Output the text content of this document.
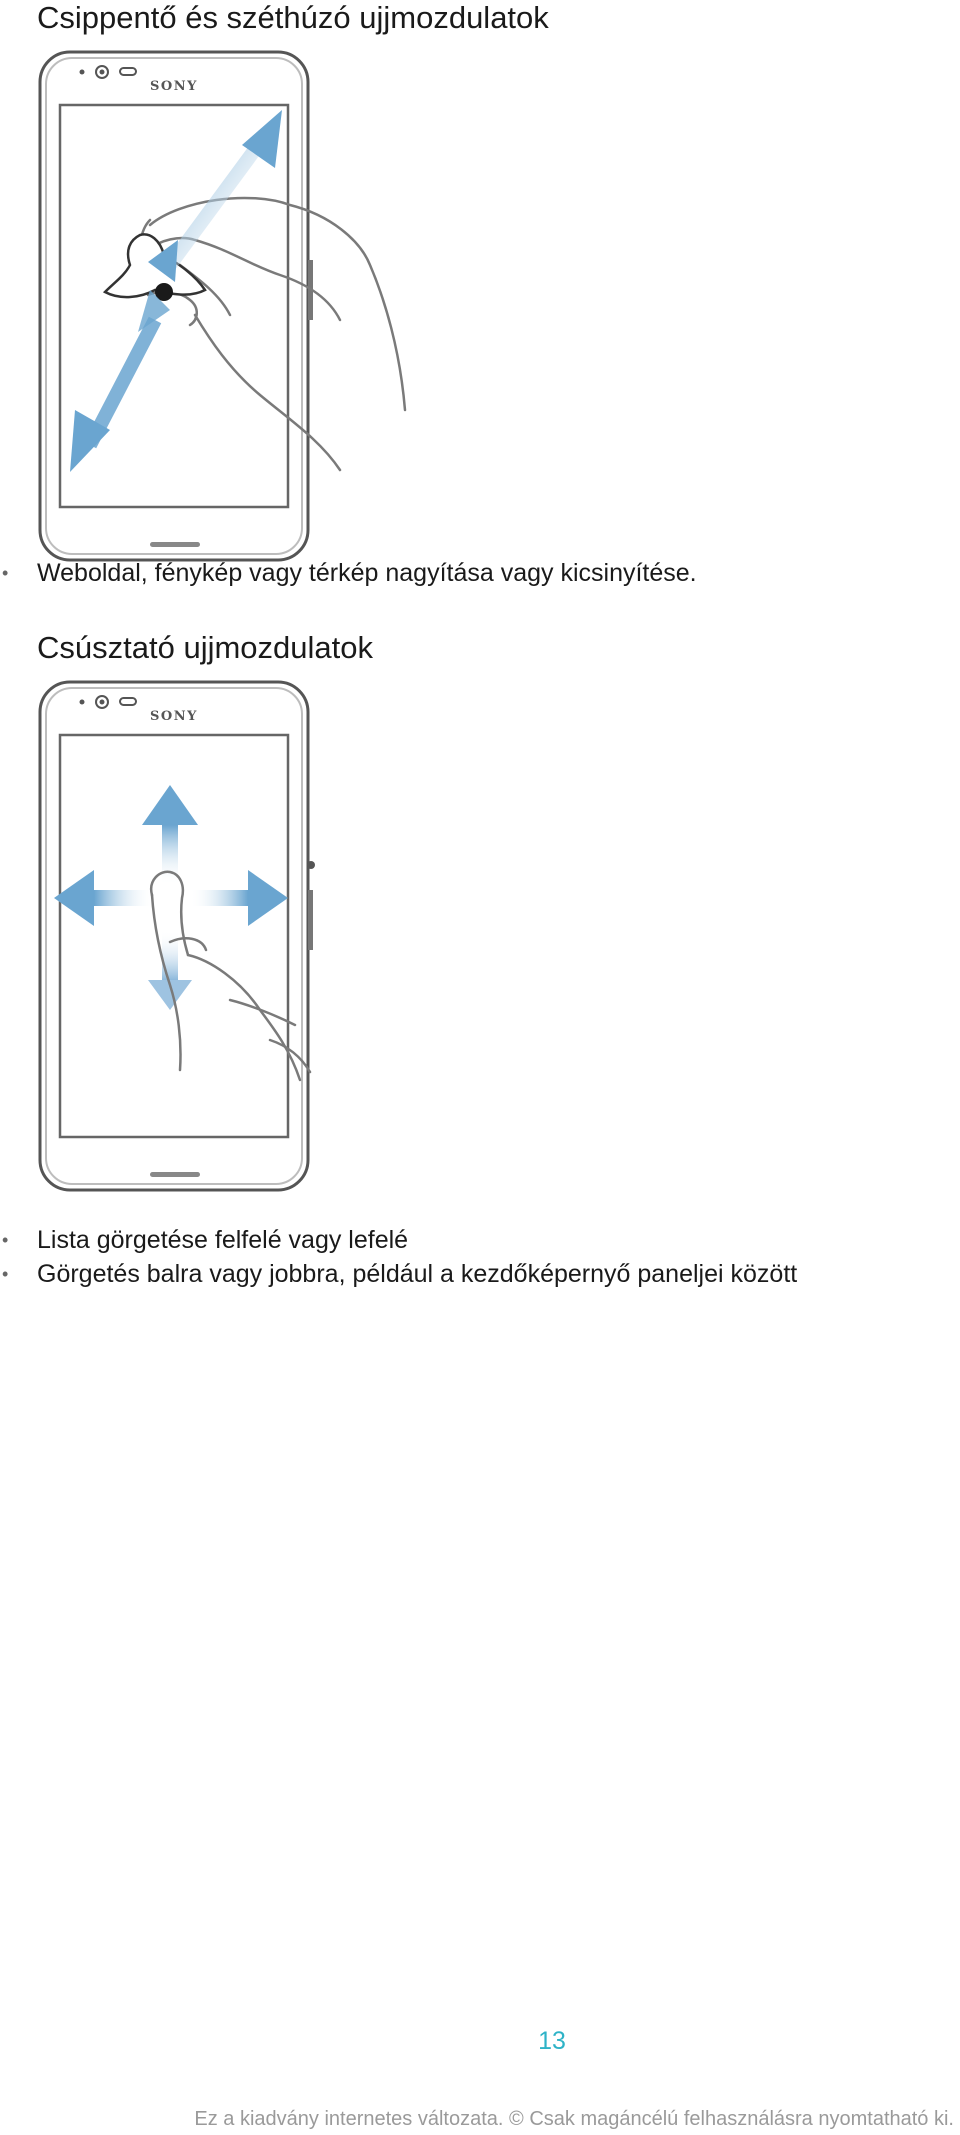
Csippentő és széthúzó ujjmozdulatok
SONY
• Weboldal, fénykép vagy térkép nagyítása vagy kicsinyítése.
Csúsztató ujjmozdulatok
SONY
• Lista görgetése felfelé vagy lefelé
• Görgetés balra vagy jobbra, például a kezdőképernyő paneljei között
13
Ez a kiadvány internetes változata. © Csak magáncélú felhasználásra nyomtatható ki.
